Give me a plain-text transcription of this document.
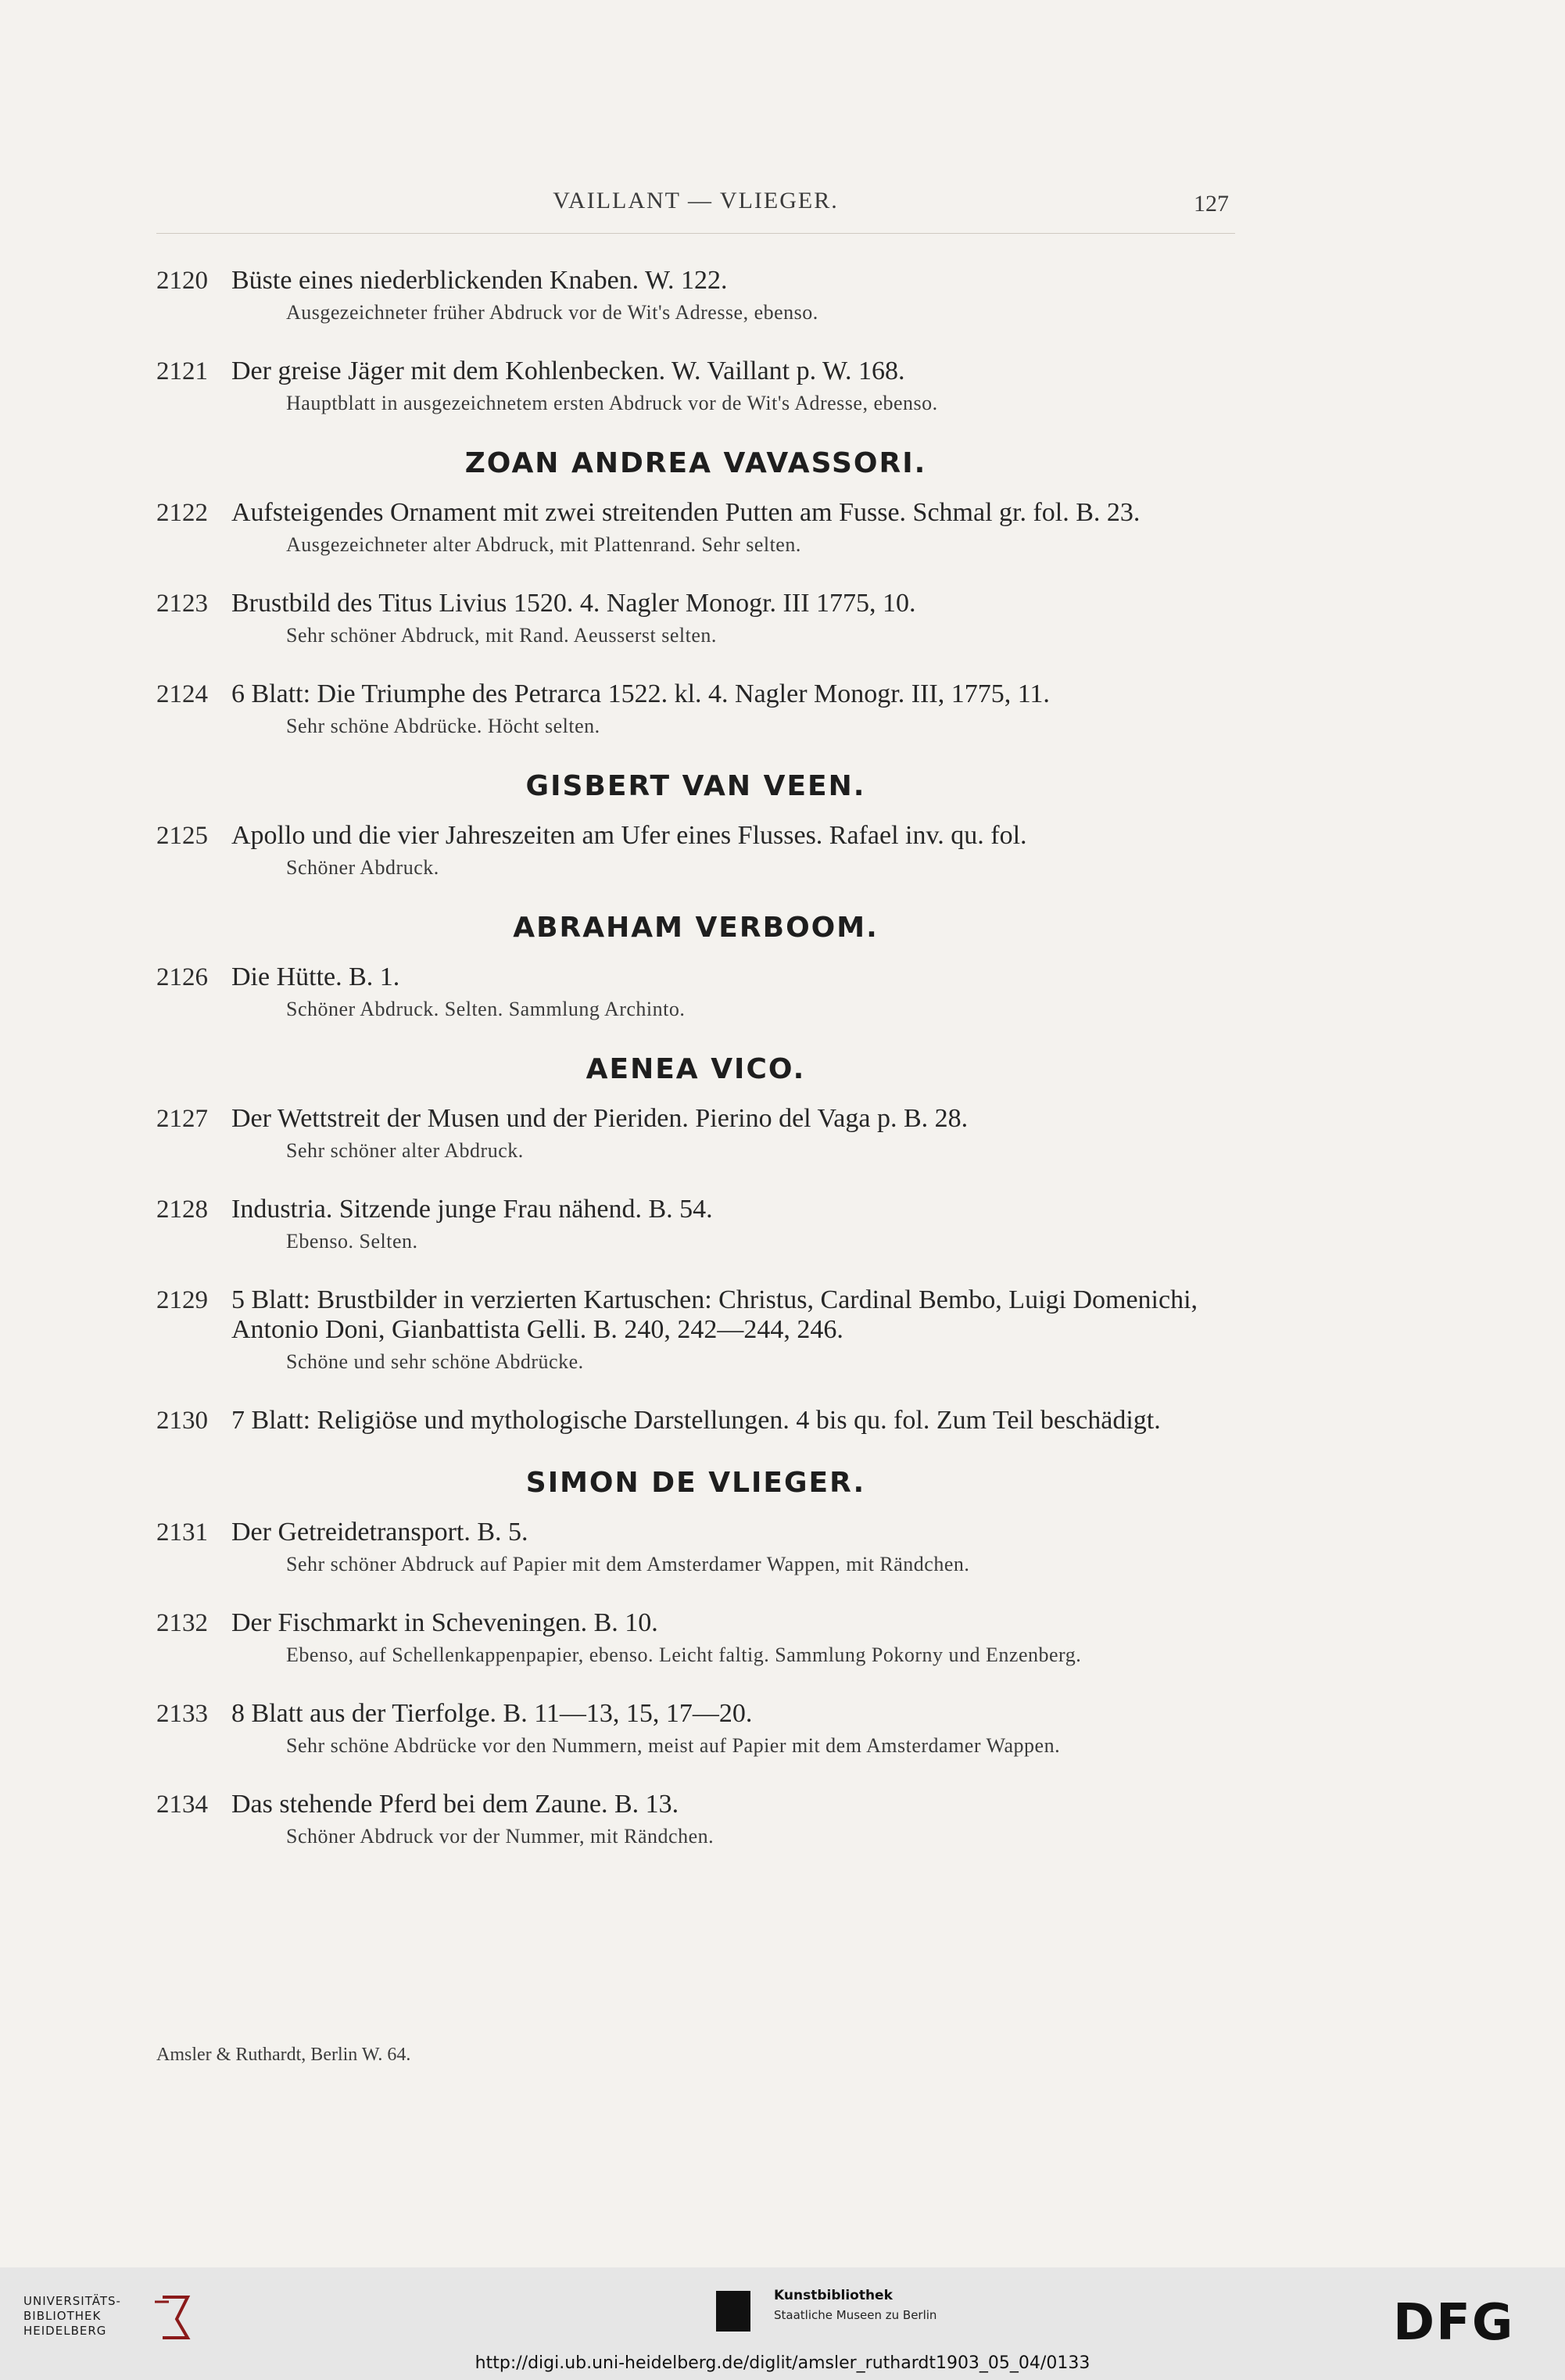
VAILLANT — VLIEGER.	127
2120 Büste eines niederblickenden Knaben. W. 122.
Ausgezeichneter früher Abdruck vor de Wit's Adresse, ebenso.
2121 Der greise Jäger mit dem Kohlenbecken. W. Vaillant p. W. 168.
Hauptblatt in ausgezeichnetem ersten Abdruck vor de Wit's Adresse, ebenso.
ZOAN ANDREA VAVASSORI.
2122 Aufsteigendes Ornament mit zwei streitenden Putten am Fusse. Schmal gr. fol. B. 23.
Ausgezeichneter alter Abdruck, mit Plattenrand. Sehr selten.
2123 Brustbild des Titus Livius 1520. 4. Nagler Monogr. III 1775, 10.
Sehr schöner Abdruck, mit Rand. Aeusserst selten.
2124 6 Blatt: Die Triumphe des Petrarca 1522. kl. 4. Nagler Monogr. III, 1775, 11.
Sehr schöne Abdrücke. Höcht selten.
GISBERT VAN VEEN.
2125 Apollo und die vier Jahreszeiten am Ufer eines Flusses. Rafael inv. qu. fol.
Schöner Abdruck.
ABRAHAM VERBOOM.
2126 Die Hütte. B. 1.
Schöner Abdruck. Selten. Sammlung Archinto.
AENEA VICO.
2127 Der Wettstreit der Musen und der Pieriden. Pierino del Vaga p. B. 28.
Sehr schöner alter Abdruck.
2128 Industria. Sitzende junge Frau nähend. B. 54.
Ebenso. Selten.
2129 5 Blatt: Brustbilder in verzierten Kartuschen: Christus, Cardinal Bembo, Luigi Domenichi, Antonio Doni, Gianbattista Gelli. B. 240, 242—244, 246.
Schöne und sehr schöne Abdrücke.
2130 7 Blatt: Religiöse und mythologische Darstellungen. 4 bis qu. fol. Zum Teil beschädigt.
SIMON DE VLIEGER.
2131 Der Getreidetransport. B. 5.
Sehr schöner Abdruck auf Papier mit dem Amsterdamer Wappen, mit Rändchen.
2132 Der Fischmarkt in Scheveningen. B. 10.
Ebenso, auf Schellenkappenpapier, ebenso. Leicht faltig. Sammlung Pokorny und Enzenberg.
2133 8 Blatt aus der Tierfolge. B. 11—13, 15, 17—20.
Sehr schöne Abdrücke vor den Nummern, meist auf Papier mit dem Amsterdamer Wappen.
2134 Das stehende Pferd bei dem Zaune. B. 13.
Schöner Abdruck vor der Nummer, mit Rändchen.
Amsler & Ruthardt, Berlin W. 64.
UNIVERSITÄTS-
BIBLIOTHEK
HEIDELBERG
Kunstbibliothek
Staatliche Museen zu Berlin	DFG
http://digi.ub.uni-heidelberg.de/diglit/amsler_ruthardt1903_05_04/0133
